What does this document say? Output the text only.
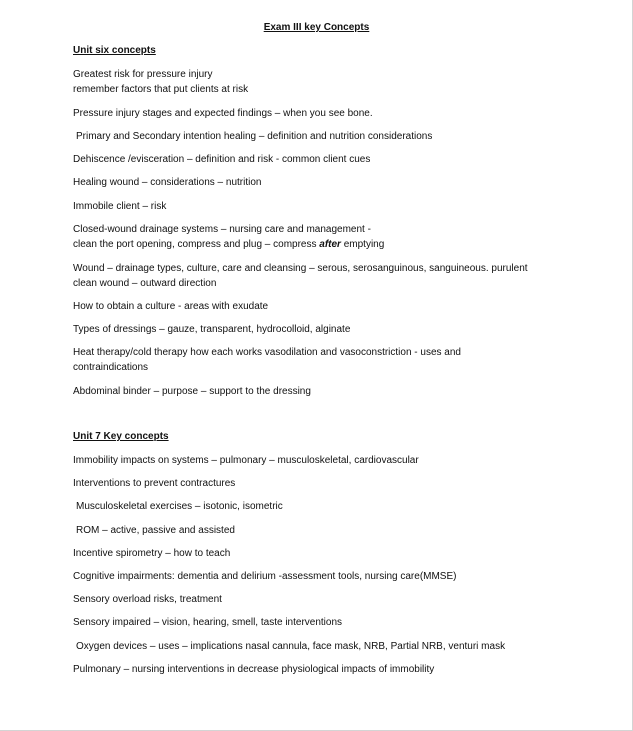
Exam III key Concepts
Unit six concepts
Greatest risk for pressure injury
remember factors that put clients at risk
Pressure injury stages and expected findings – when you see bone.
Primary and Secondary intention healing – definition and nutrition considerations
Dehiscence /evisceration – definition and risk - common client cues
Healing wound – considerations – nutrition
Immobile client – risk
Closed-wound drainage systems – nursing care and management -
clean the port opening, compress and plug – compress after emptying
Wound – drainage types, culture, care and cleansing – serous, serosanguinous, sanguineous. purulent
clean wound – outward direction
How to obtain a culture - areas with exudate
Types of dressings – gauze, transparent, hydrocolloid, alginate
Heat therapy/cold therapy how each works vasodilation and vasoconstriction - uses and
contraindications
Abdominal binder – purpose – support to the dressing
Unit 7 Key concepts
Immobility impacts on systems – pulmonary – musculoskeletal, cardiovascular
Interventions to prevent contractures
Musculoskeletal exercises – isotonic, isometric
ROM – active, passive and assisted
Incentive spirometry – how to teach
Cognitive impairments: dementia and delirium -assessment tools, nursing care(MMSE)
Sensory overload risks, treatment
Sensory impaired – vision, hearing, smell, taste interventions
Oxygen devices – uses – implications nasal cannula, face mask, NRB, Partial NRB, venturi mask
Pulmonary – nursing interventions in decrease physiological impacts of immobility
